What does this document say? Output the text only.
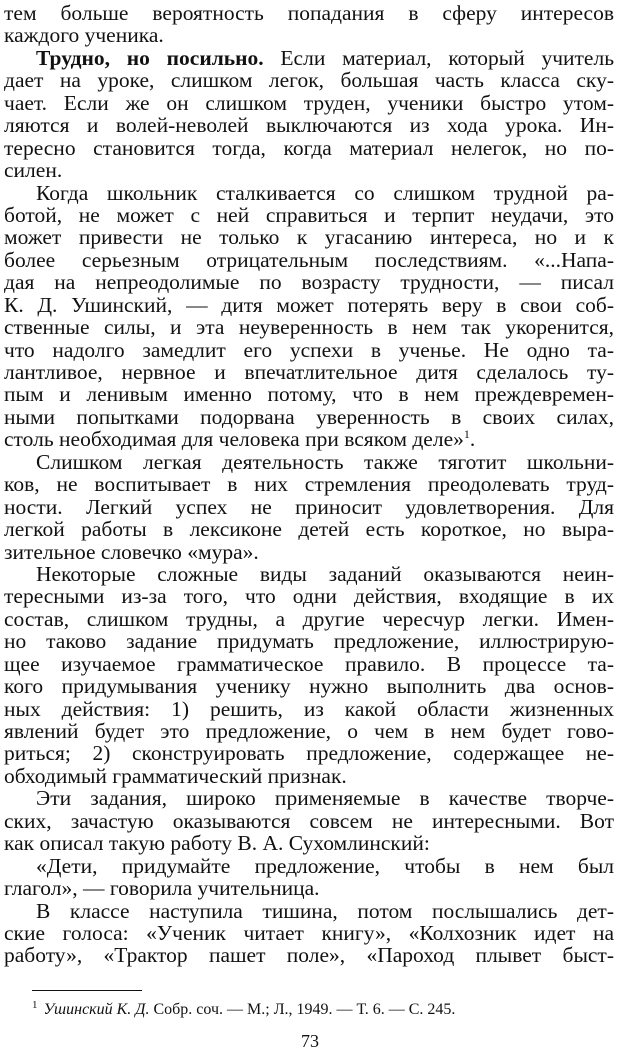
тем больше вероятность попадания в сферу интересов
каждого ученика.
Трудно, но посильно. Если материал, который учитель
дает на уроке, слишком легок, большая часть класса ску-
чает. Если же он слишком труден, ученики быстро утом-
ляются и волей-неволей выключаются из хода урока. Ин-
тересно становится тогда, когда материал нелегок, но по-
силен.
Когда школьник сталкивается со слишком трудной ра-
ботой, не может с ней справиться и терпит неудачи, это
может привести не только к угасанию интереса, но и к
более серьезным отрицательным последствиям. «...Напа-
дая на непреодолимые по возрасту трудности, — писал
К. Д. Ушинский, — дитя может потерять веру в свои соб-
ственные силы, и эта неуверенность в нем так укоренится,
что надолго замедлит его успехи в ученье. Не одно та-
лантливое, нервное и впечатлительное дитя сделалось ту-
пым и ленивым именно потому, что в нем преждевремен-
ными попытками подорвана уверенность в своих силах,
столь необходимая для человека при всяком деле»$^1$.
Слишком легкая деятельность также тяготит школьни-
ков, не воспитывает в них стремления преодолевать труд-
ности. Легкий успех не приносит удовлетворения. Для
легкой работы в лексиконе детей есть короткое, но выра-
зительное словечко «мура».
Некоторые сложные виды заданий оказываются неин-
тересными из-за того, что одни действия, входящие в их
состав, слишком трудны, а другие чересчур легки. Имен-
но таково задание придумать предложение, иллюстрирую-
щее изучаемое грамматическое правило. В процессе та-
кого придумывания ученику нужно выполнить два основ-
ных действия: 1) решить, из какой области жизненных
явлений будет это предложение, о чем в нем будет гово-
риться; 2) сконструировать предложение, содержащее не-
обходимый грамматический признак.
Эти задания, широко применяемые в качестве творче-
ских, зачастую оказываются совсем не интересными. Вот
как описал такую работу В. А. Сухомлинский:
«Дети, придумайте предложение, чтобы в нем был
глагол», — говорила учительница.
В классе наступила тишина, потом послышались дет-
ские голоса: «Ученик читает книгу», «Колхозник идет на
работу», «Трактор пашет поле», «Пароход плывет быст-
$^1$ Ушинский К. Д. Собр. соч. — М.; Л., 1949. — Т. 6. — С. 245.
73
